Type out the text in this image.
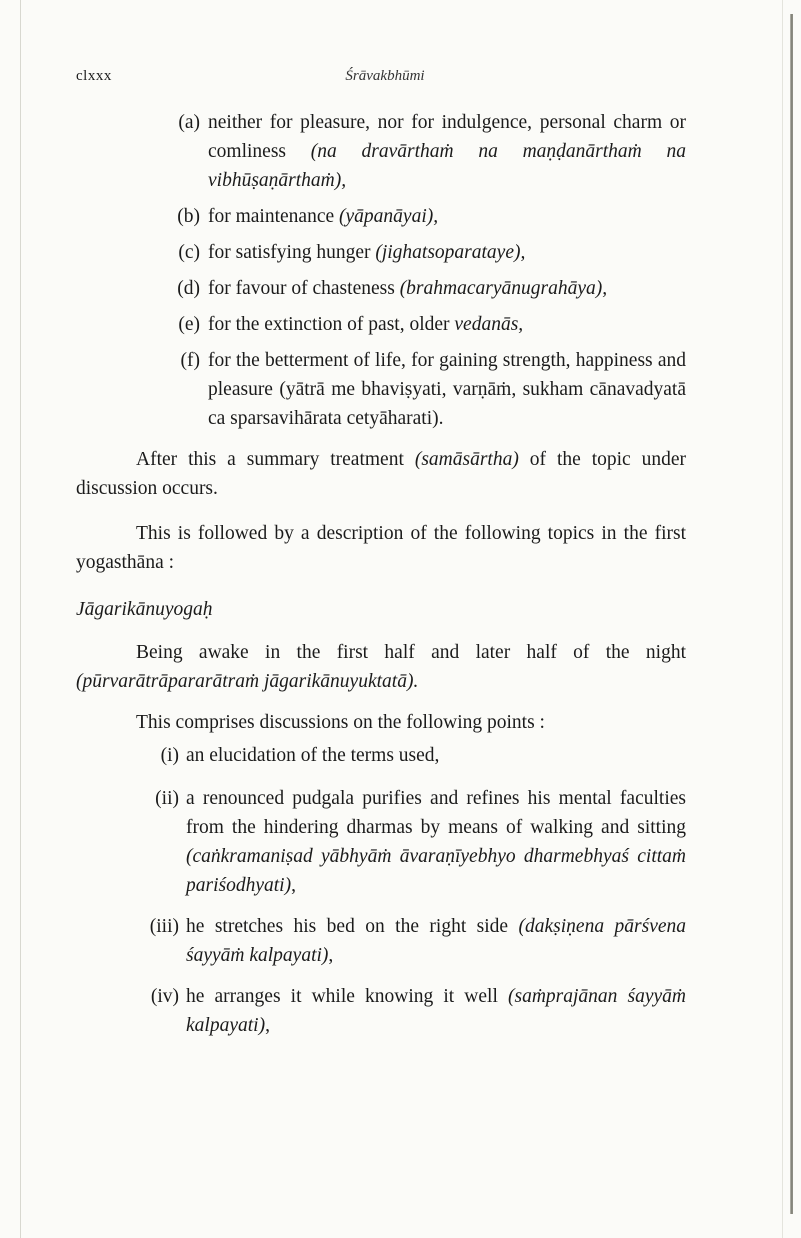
clxxx	Śrāvakbhūmi
(a) neither for pleasure, nor for indulgence, personal charm or comliness (na dravārthaṁ na maṇḍanārthaṁ na vibhūṣaṇārthaṁ),
(b) for maintenance (yāpanāyai),
(c) for satisfying hunger (jighatsoparataye),
(d) for favour of chasteness (brahmacaryānugrahāya),
(e) for the extinction of past, older vedanās,
(f) for the betterment of life, for gaining strength, happiness and pleasure (yātrā me bhaviṣyati, varṇāṁ, sukham cānavadyatā ca sparsavihārata cetyāharati).

After this a summary treatment (samāsārtha) of the topic under discussion occurs.

This is followed by a description of the following topics in the first yogasthāna :

Jāgarikānuyogaḥ

Being awake in the first half and later half of the night (pūrvarātrāpararātraṁ jāgarikānuyuktatā).

This comprises discussions on the following points :

(i) an elucidation of the terms used,
(ii) a renounced pudgala purifies and refines his mental faculties from the hindering dharmas by means of walking and sitting (caṅkramaniṣad yābhyāṁ āvaraṇīyebhyo dharmebhyaś cittaṁ pariśodhyati),
(iii) he stretches his bed on the right side (dakṣiṇena pārśvena śayyāṁ kalpayati),
(iv) he arranges it while knowing it well (saṁprajānan śayyāṁ kalpayati),
